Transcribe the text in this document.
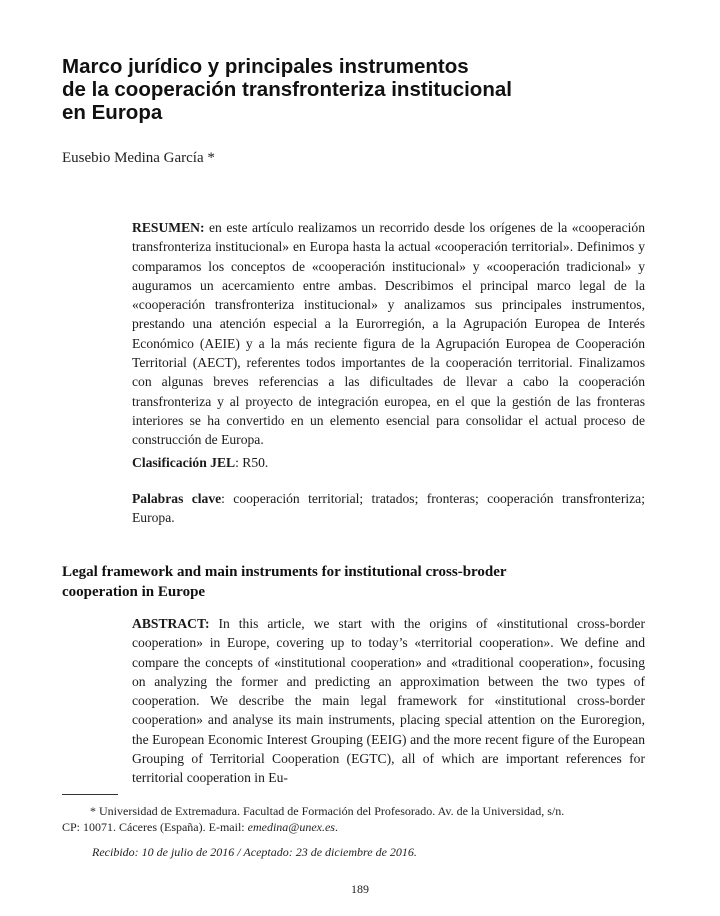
Marco jurídico y principales instrumentos
de la cooperación transfronteriza institucional
en Europa

Eusebio Medina García *

RESUMEN: en este artículo realizamos un recorrido desde los orígenes de la «cooperación transfronteriza institucional» en Europa hasta la actual «cooperación territorial». Definimos y comparamos los conceptos de «cooperación institucional» y «cooperación tradicional» y auguramos un acercamiento entre ambas. Describimos el principal marco legal de la «cooperación transfronteriza institucional» y analizamos sus principales instrumentos, prestando una atención especial a la Eurorregión, a la Agrupación Europea de Interés Económico (AEIE) y a la más reciente figura de la Agrupación Europea de Cooperación Territorial (AECT), referentes todos importantes de la cooperación territorial. Finalizamos con algunas breves referencias a las dificultades de llevar a cabo la cooperación transfronteriza y al proyecto de integración europea, en el que la gestión de las fronteras interiores se ha convertido en un elemento esencial para consolidar el actual proceso de construcción de Europa.

Clasificación JEL: R50.

Palabras clave: cooperación territorial; tratados; fronteras; cooperación transfronteriza; Europa.

Legal framework and main instruments for institutional cross-broder
cooperation in Europe

ABSTRACT: In this article, we start with the origins of «institutional cross-border cooperation» in Europe, covering up to today’s «territorial cooperation». We define and compare the concepts of «institutional cooperation» and «traditional cooperation», focusing on analyzing the former and predicting an approximation between the two types of cooperation. We describe the main legal framework for «institutional cross-border cooperation» and analyse its main instruments, placing special attention on the Euroregion, the European Economic Interest Grouping (EEIG) and the more recent figure of the European Grouping of Territorial Cooperation (EGTC), all of which are important references for territorial cooperation in Eu-

* Universidad de Extremadura. Facultad de Formación del Profesorado. Av. de la Universidad, s/n.
CP: 10071. Cáceres (España). E-mail: emedina@unex.es.

Recibido: 10 de julio de 2016 / Aceptado: 23 de diciembre de 2016.

189
